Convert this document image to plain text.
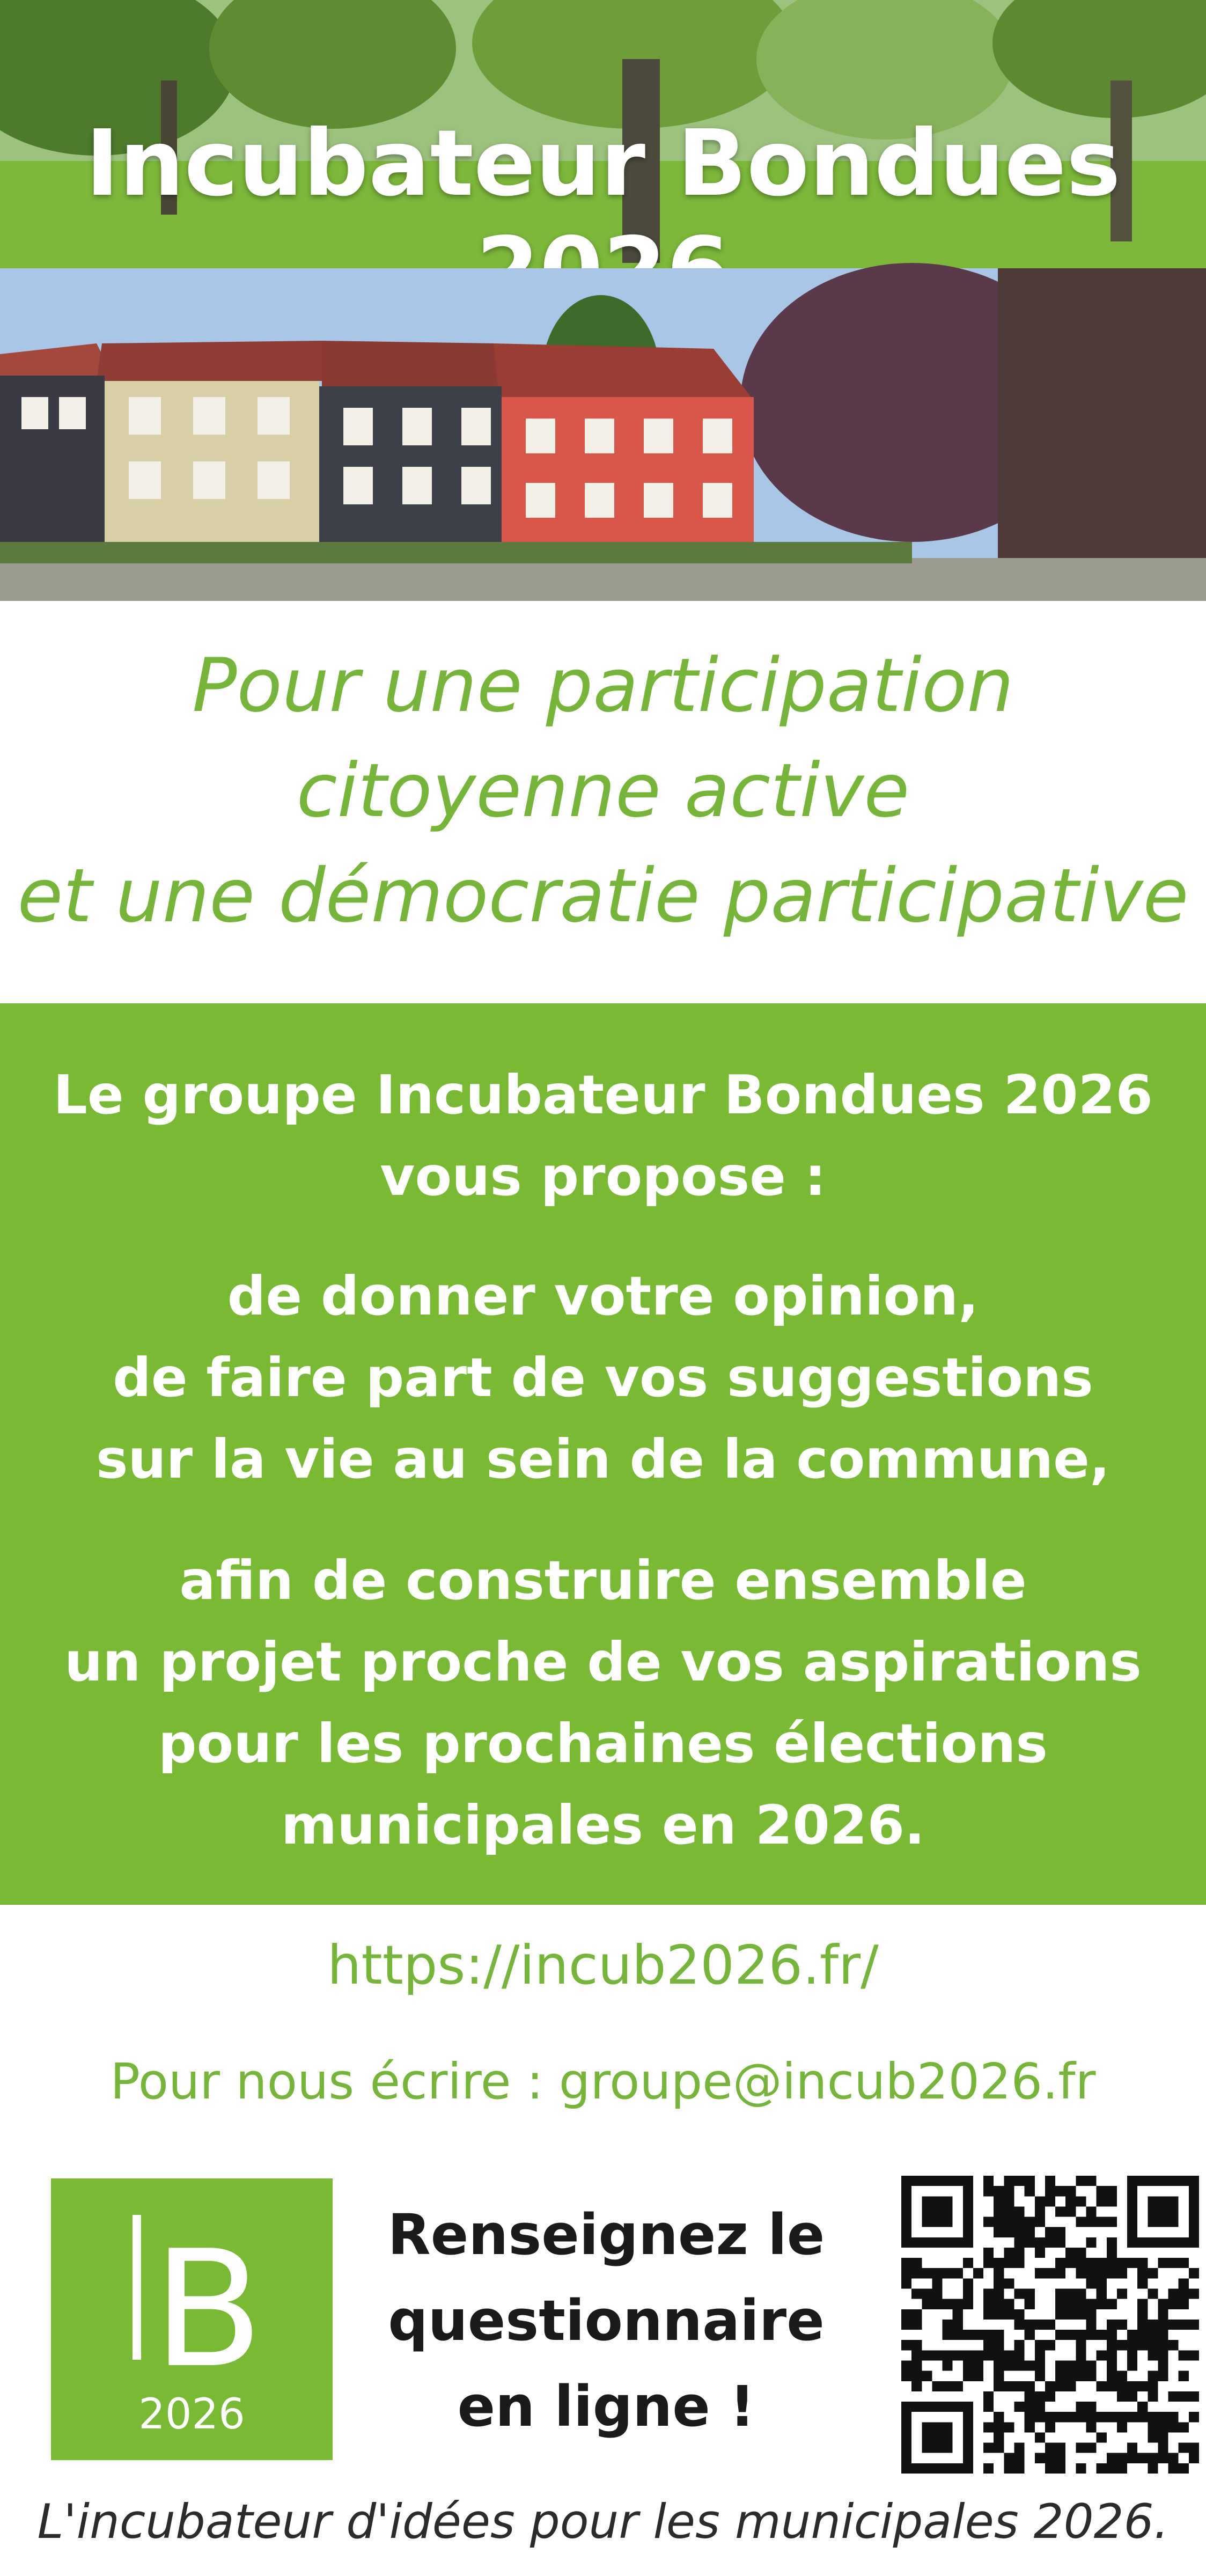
Incubateur Bondues
Pour une participation
citoyenne active
et une démocratie participative
Le groupe Incubateur Bondues 2026
vous propose :
de donner votre opinion,
de faire part de vos suggestions
sur la vie au sein de la commune,
afin de construire ensemble
un projet proche de vos aspirations
pour les prochaines élections
municipales en 2026.
https://incub2026.fr/
Pour nous écrire : groupe@incub2026.fr
B
2026
Renseignez le
questionnaire
en ligne !
L'incubateur d'idées pour les municipales 2026.
